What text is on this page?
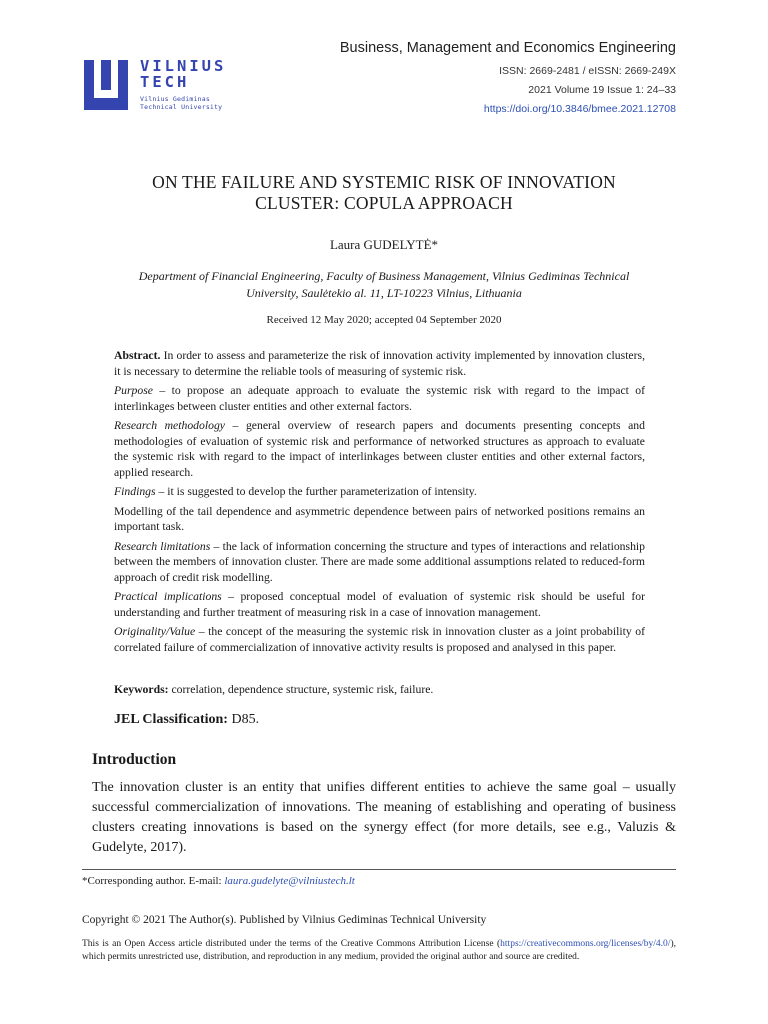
VILNIUS
TECH
Vilnius Gediminas
Technical University
Business, Management and Economics Engineering
ISSN: 2669-2481 / eISSN: 2669-249X
2021 Volume 19 Issue 1: 24–33
https://doi.org/10.3846/bmee.2021.12708
ON THE FAILURE AND SYSTEMIC RISK OF INNOVATION
CLUSTER: COPULA APPROACH
Laura GUDELYTĖ*
Department of Financial Engineering, Faculty of Business Management, Vilnius Gediminas Technical
University, Saulėtekio al. 11, LT-10223 Vilnius, Lithuania
Received 12 May 2020; accepted 04 September 2020

Abstract. In order to assess and parameterize the risk of innovation activity implemented by innovation clusters, it is necessary to determine the reliable tools of measuring of systemic risk.

Purpose – to propose an adequate approach to evaluate the systemic risk with regard to the impact of interlinkages between cluster entities and other external factors.

Research methodology – general overview of research papers and documents presenting concepts and methodologies of evaluation of systemic risk and performance of networked structures as approach to evaluate the systemic risk with regard to the impact of interlinkages between cluster entities and other external factors, applied research.

Findings – it is suggested to develop the further parameterization of intensity.

Modelling of the tail dependence and asymmetric dependence between pairs of networked positions remains an important task.

Research limitations – the lack of information concerning the structure and types of interactions and relationship between the members of innovation cluster. There are made some additional assumptions related to reduced-form approach of credit risk modelling.

Practical implications – proposed conceptual model of evaluation of systemic risk should be useful for understanding and further treatment of measuring risk in a case of innovation management.

Originality/Value – the concept of the measuring the systemic risk in innovation cluster as a joint probability of correlated failure of commercialization of innovative activity results is proposed and analysed in this paper.

Keywords: correlation, dependence structure, systemic risk, failure.
JEL Classification: D85.
Introduction
The innovation cluster is an entity that unifies different entities to achieve the same goal – usually successful commercialization of innovations. The meaning of establishing and operating of business clusters creating innovations is based on the synergy effect (for more details, see e.g., Valuzis & Gudelyte, 2017).
*Corresponding author. E-mail: laura.gudelyte@vilniustech.lt
Copyright © 2021 The Author(s). Published by Vilnius Gediminas Technical University
This is an Open Access article distributed under the terms of the Creative Commons Attribution License (https://creativecommons.org/licenses/by/4.0/), which permits unrestricted use, distribution, and reproduction in any medium, provided the original author and source are credited.
